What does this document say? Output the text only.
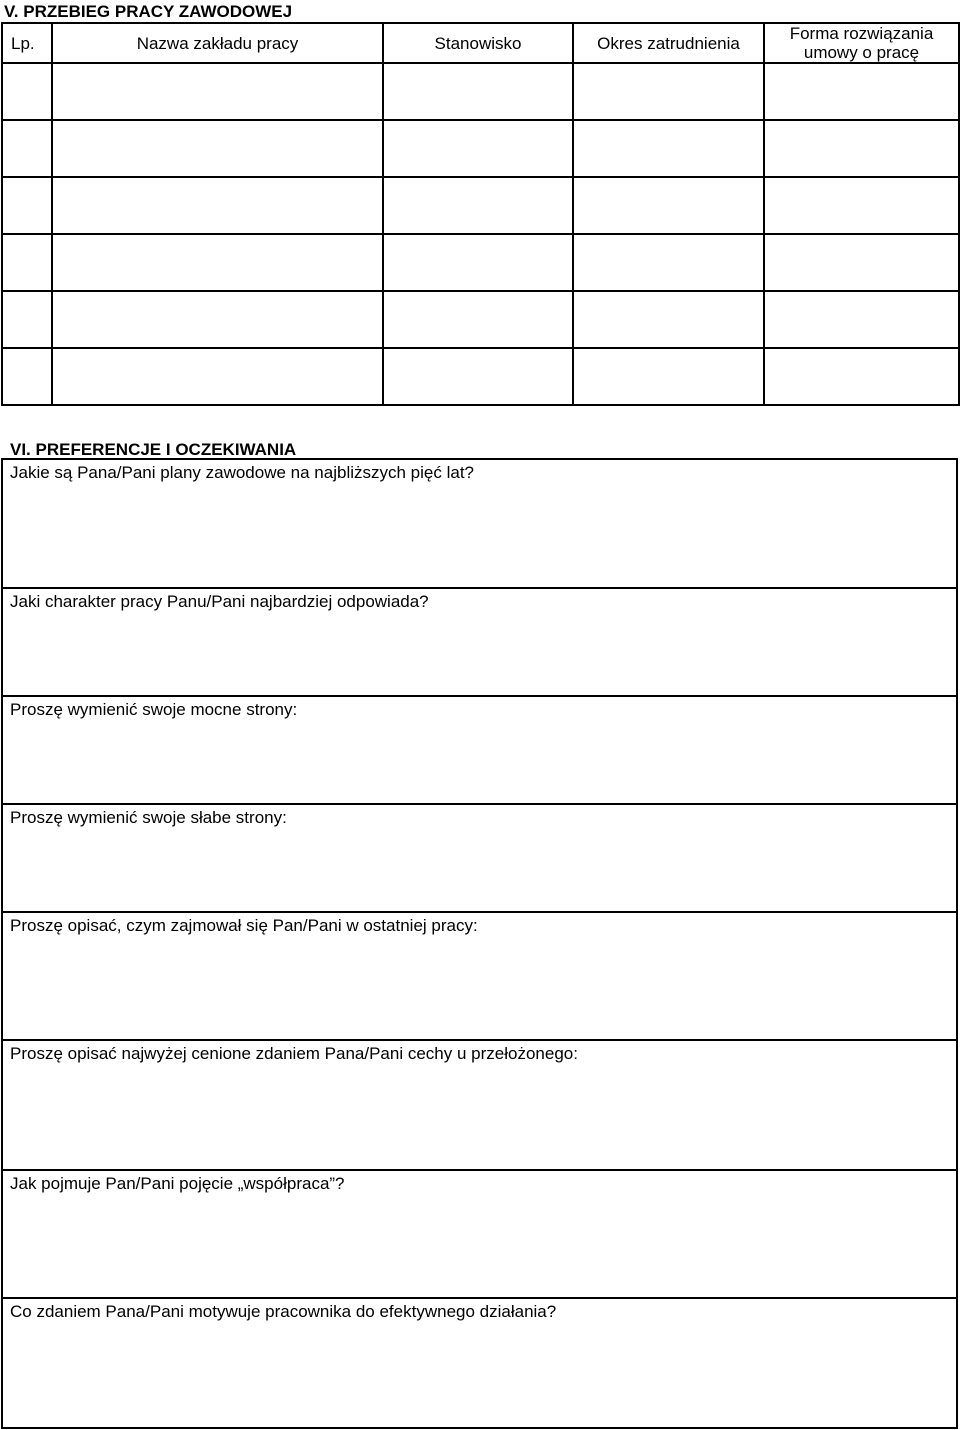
V. PRZEBIEG PRACY ZAWODOWEJ
Lp.	Nazwa zakładu pracy	Stanowisko	Okres zatrudnienia	Forma rozwiązania
umowy o pracę

VI. PREFERENCJE I OCZEKIWANIA
Jakie są Pana/Pani plany zawodowe na najbliższych pięć lat?
Jaki charakter pracy Panu/Pani najbardziej odpowiada?
Proszę wymienić swoje mocne strony:
Proszę wymienić swoje słabe strony:
Proszę opisać, czym zajmował się Pan/Pani w ostatniej pracy:
Proszę opisać najwyżej cenione zdaniem Pana/Pani cechy u przełożonego:
Jak pojmuje Pan/Pani pojęcie „współpraca”?
Co zdaniem Pana/Pani motywuje pracownika do efektywnego działania?
